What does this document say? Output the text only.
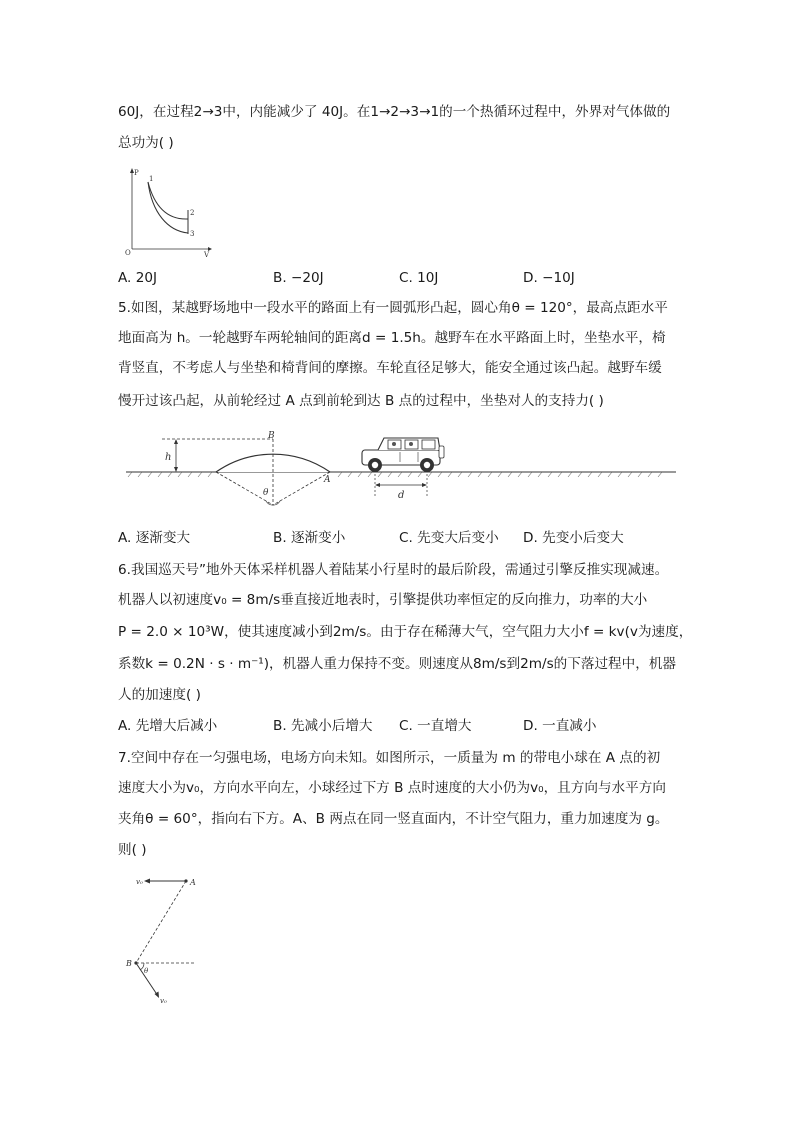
60J，在过程2→3中，内能减少了 40J。在1→2→3→1的一个热循环过程中，外界对气体做的
总功为( )
P
V
O
1
2
3
A. 20J	B. −20J	C. 10J	D. −10J
5.如图，某越野场地中一段水平的路面上有一圆弧形凸起，圆心角θ = 120°，最高点距水平
地面高为 h。一轮越野车两轮轴间的距离d = 1.5h。越野车在水平路面上时，坐垫水平，椅
背竖直，不考虑人与坐垫和椅背间的摩擦。车轮直径足够大，能安全通过该凸起。越野车缓
慢开过该凸起，从前轮经过 A 点到前轮到达 B 点的过程中，坐垫对人的支持力( )
h
B
A
θ	d
A. 逐渐变大	B. 逐渐变小	C. 先变大后变小 D. 先变小后变大
6.我国巡天号”地外天体采样机器人着陆某小行星时的最后阶段，需通过引擎反推实现减速。
机器人以初速度v₀ = 8m/s垂直接近地表时，引擎提供功率恒定的反向推力，功率的大小
P = 2.0 × 10³W，使其速度减小到2m/s。由于存在稀薄大气，空气阻力大小f = kv(v为速度，
系数k = 0.2N · s · m⁻¹)，机器人重力保持不变。则速度从8m/s到2m/s的下落过程中，机器
人的加速度( )
A. 先增大后减小	B. 先减小后增大 C. 一直增大	D. 一直减小
7.空间中存在一匀强电场，电场方向未知。如图所示，一质量为 m 的带电小球在 A 点的初
速度大小为v₀，方向水平向左，小球经过下方 B 点时速度的大小仍为v₀，且方向与水平方向
夹角θ = 60°，指向右下方。A、B 两点在同一竖直面内，不计空气阻力，重力加速度为 g。
则( )
v₀	A
B
θ
v₀
